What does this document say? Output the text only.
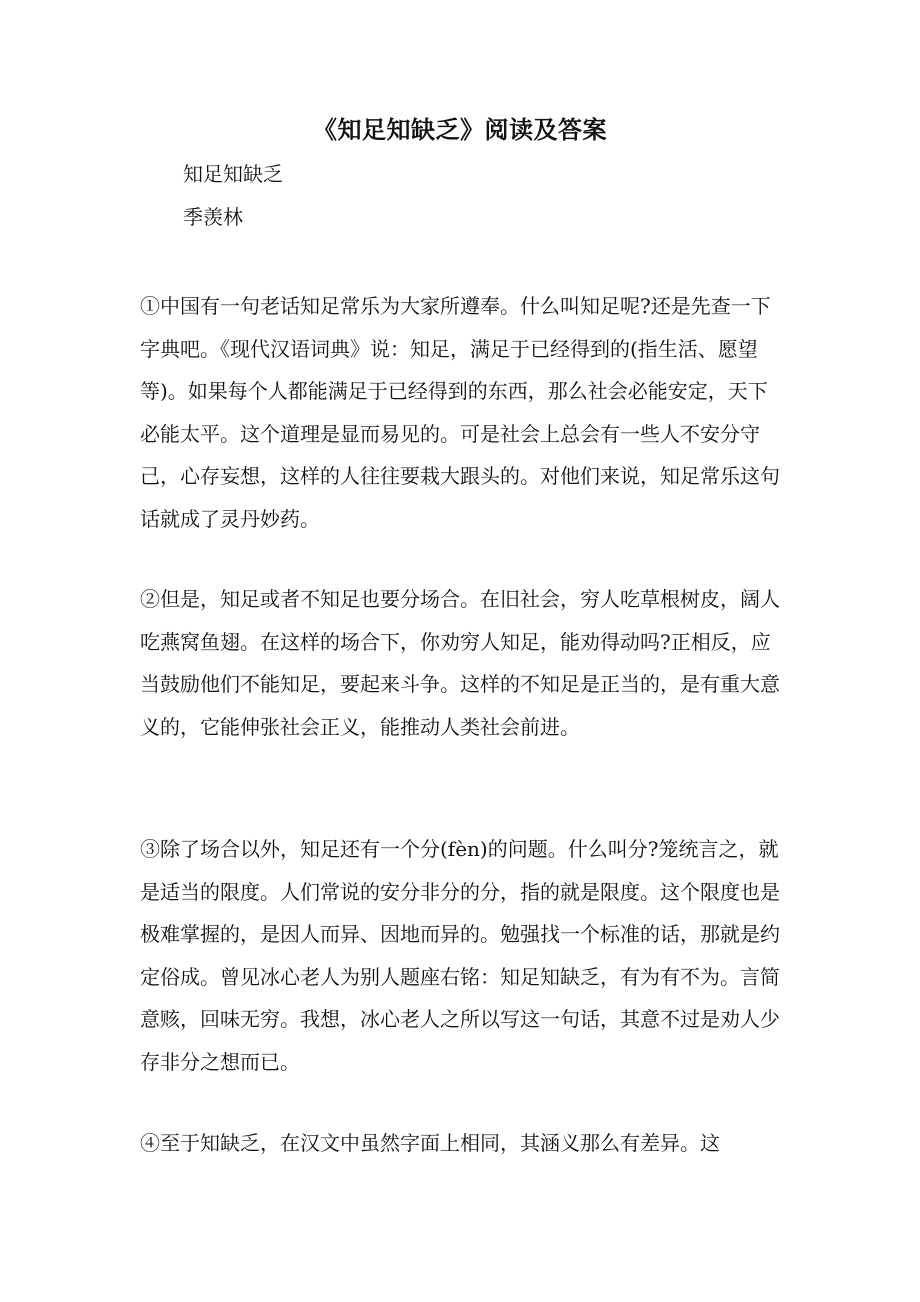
《知足知缺乏》阅读及答案
知足知缺乏
季羡林
①中国有一句老话知足常乐为大家所遵奉。什么叫知足呢?还是先查一下字典吧。《现代汉语词典》说：知足，满足于已经得到的(指生活、愿望等)。如果每个人都能满足于已经得到的东西，那么社会必能安定，天下必能太平。这个道理是显而易见的。可是社会上总会有一些人不安分守己，心存妄想，这样的人往往要栽大跟头的。对他们来说，知足常乐这句话就成了灵丹妙药。
②但是，知足或者不知足也要分场合。在旧社会，穷人吃草根树皮，阔人吃燕窝鱼翅。在这样的场合下，你劝穷人知足，能劝得动吗?正相反，应当鼓励他们不能知足，要起来斗争。这样的不知足是正当的，是有重大意义的，它能伸张社会正义，能推动人类社会前进。
③除了场合以外，知足还有一个分(fèn)的问题。什么叫分?笼统言之，就是适当的限度。人们常说的安分非分的分，指的就是限度。这个限度也是极难掌握的，是因人而异、因地而异的。勉强找一个标准的话，那就是约定俗成。曾见冰心老人为别人题座右铭：知足知缺乏，有为有不为。言简意赅，回味无穷。我想，冰心老人之所以写这一句话，其意不过是劝人少存非分之想而已。
④至于知缺乏，在汉文中虽然字面上相同，其涵义那么有差异。这
